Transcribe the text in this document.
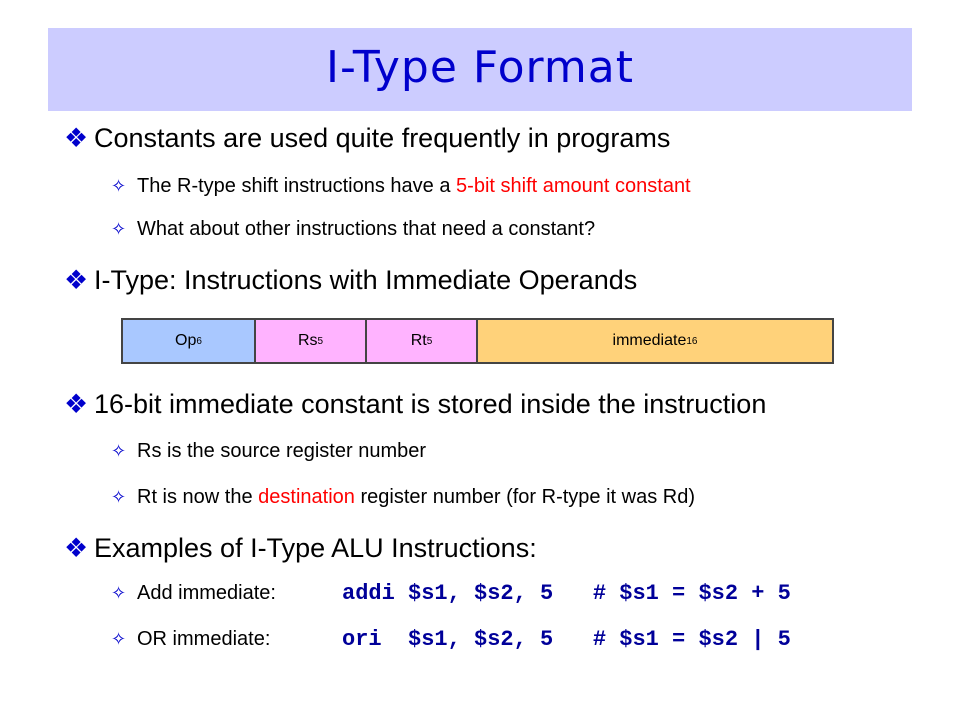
I-Type Format
❖ Constants are used quite frequently in programs
✧ The R-type shift instructions have a 5-bit shift amount constant
✧ What about other instructions that need a constant?
❖ I-Type: Instructions with Immediate Operands
Op 6	Rs 5	Rt 5	immediate 16
❖ 16-bit immediate constant is stored inside the instruction
✧ Rs is the source register number
✧ Rt is now the destination register number (for R-type it was Rd)
❖ Examples of I-Type ALU Instructions:
✧ Add immediate:	addi $s1, $s2, 5   # $s1 = $s2 + 5
✧ OR immediate:	ori  $s1, $s2, 5   # $s1 = $s2 | 5
